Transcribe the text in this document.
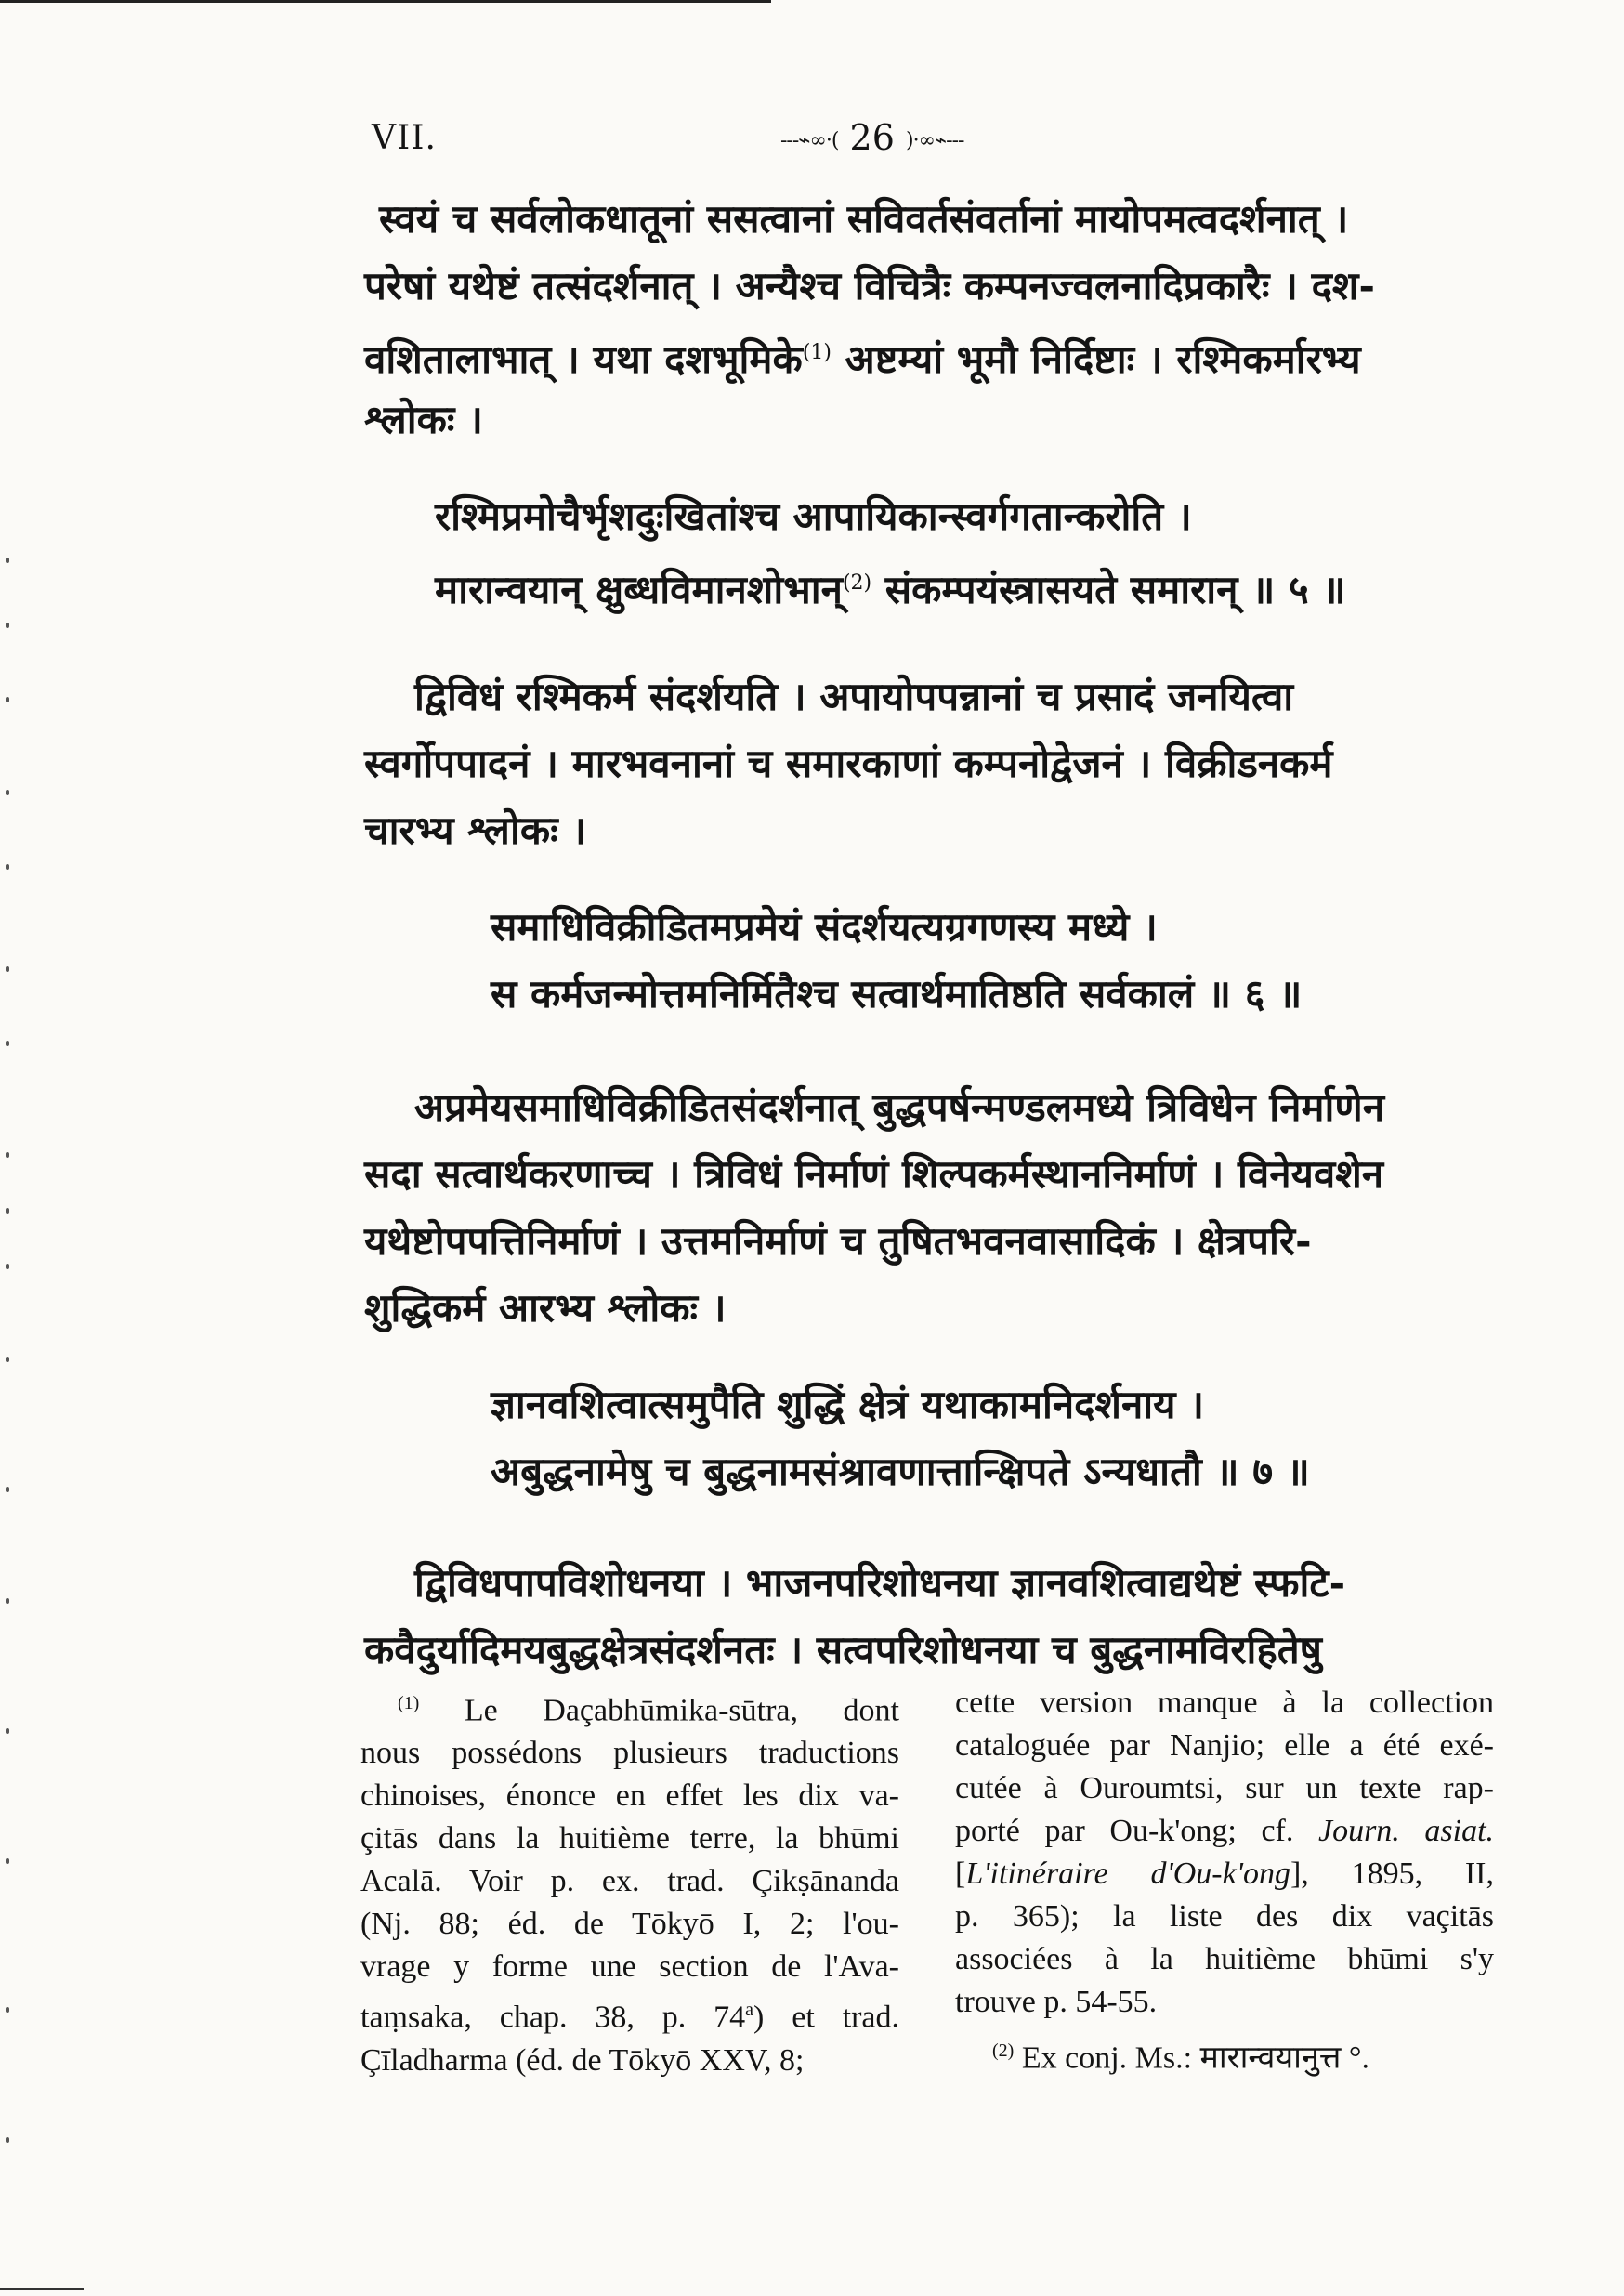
VII.	---⌁∞·( 26 )·∞⌁---
स्वयं च सर्वलोकधातूनां ससत्वानां सविवर्तसंवर्तानां मायोपमत्वदर्शनात् ।
परेषां यथेष्टं तत्संदर्शनात् । अन्यैश्च विचित्रैः कम्पनज्वलनादिप्रकारैः । दश-
वशितालाभात् । यथा दशभूमिके$^{(1)}$ अष्टम्यां भूमौ निर्दिष्टाः । रश्मिकर्मारभ्य
श्लोकः ।
रश्मिप्रमोचैर्भृशदुःखितांश्च आपायिकान्स्वर्गगतान्करोति ।
मारान्वयान् क्षुब्धविमानशोभान्$^{(2)}$ संकम्पयंस्त्रासयते समारान् ॥ ५ ॥
द्विविधं रश्मिकर्म संदर्शयति । अपायोपपन्नानां च प्रसादं जनयित्वा
स्वर्गोपपादनं । मारभवनानां च समारकाणां कम्पनोद्वेजनं । विक्रीडनकर्म
चारभ्य श्लोकः ।
समाधिविक्रीडितमप्रमेयं संदर्शयत्यग्रगणस्य मध्ये ।
स कर्मजन्मोत्तमनिर्मितैश्च सत्वार्थमातिष्ठति सर्वकालं ॥ ६ ॥
अप्रमेयसमाधिविक्रीडितसंदर्शनात् बुद्धपर्षन्मण्डलमध्ये त्रिविधेन निर्माणेन
सदा सत्वार्थकरणाच्च । त्रिविधं निर्माणं शिल्पकर्मस्थाननिर्माणं । विनेयवशेन
यथेष्टोपपत्तिनिर्माणं । उत्तमनिर्माणं च तुषितभवनवासादिकं । क्षेत्रपरि-
शुद्धिकर्म आरभ्य श्लोकः ।
ज्ञानवशित्वात्समुपैति शुद्धिं क्षेत्रं यथाकामनिदर्शनाय ।
अबुद्धनामेषु च बुद्धनामसंश्रावणात्तान्क्षिपते ऽन्यधातौ ॥ ७ ॥
द्विविधपापविशोधनया । भाजनपरिशोधनया ज्ञानवशित्वाद्यथेष्टं स्फटि-
कवैदुर्यादिमयबुद्धक्षेत्रसंदर्शनतः । सत्वपरिशोधनया च बुद्धनामविरहितेषु
$^{(1)}$ Le Daçabhūmika-sūtra, dont
nous possédons plusieurs traductions
chinoises, énonce en effet les dix va-
çitās dans la huitième terre, la bhūmi
Acalā. Voir p. ex. trad. Çikṣānanda
(Nj. 88; éd. de Tōkyō I, 2; l'ou-
vrage y forme une section de l'Ava-
taṃsaka, chap. 38, p. 74$^a$) et trad.
Çīladharma (éd. de Tōkyō XXV, 8;
cette version manque à la collection
cataloguée par Nanjio; elle a été exé-
cutée à Ouroumtsi, sur un texte rap-
porté par Ou-k'ong; cf. Journ. asiat.
[L'itinéraire d'Ou-k'ong], 1895, II,
p. 365); la liste des dix vaçitās
associées à la huitième bhūmi s'y
trouve p. 54-55.
$^{(2)}$ Ex conj. Ms.: मारान्वयानुत्त °.
